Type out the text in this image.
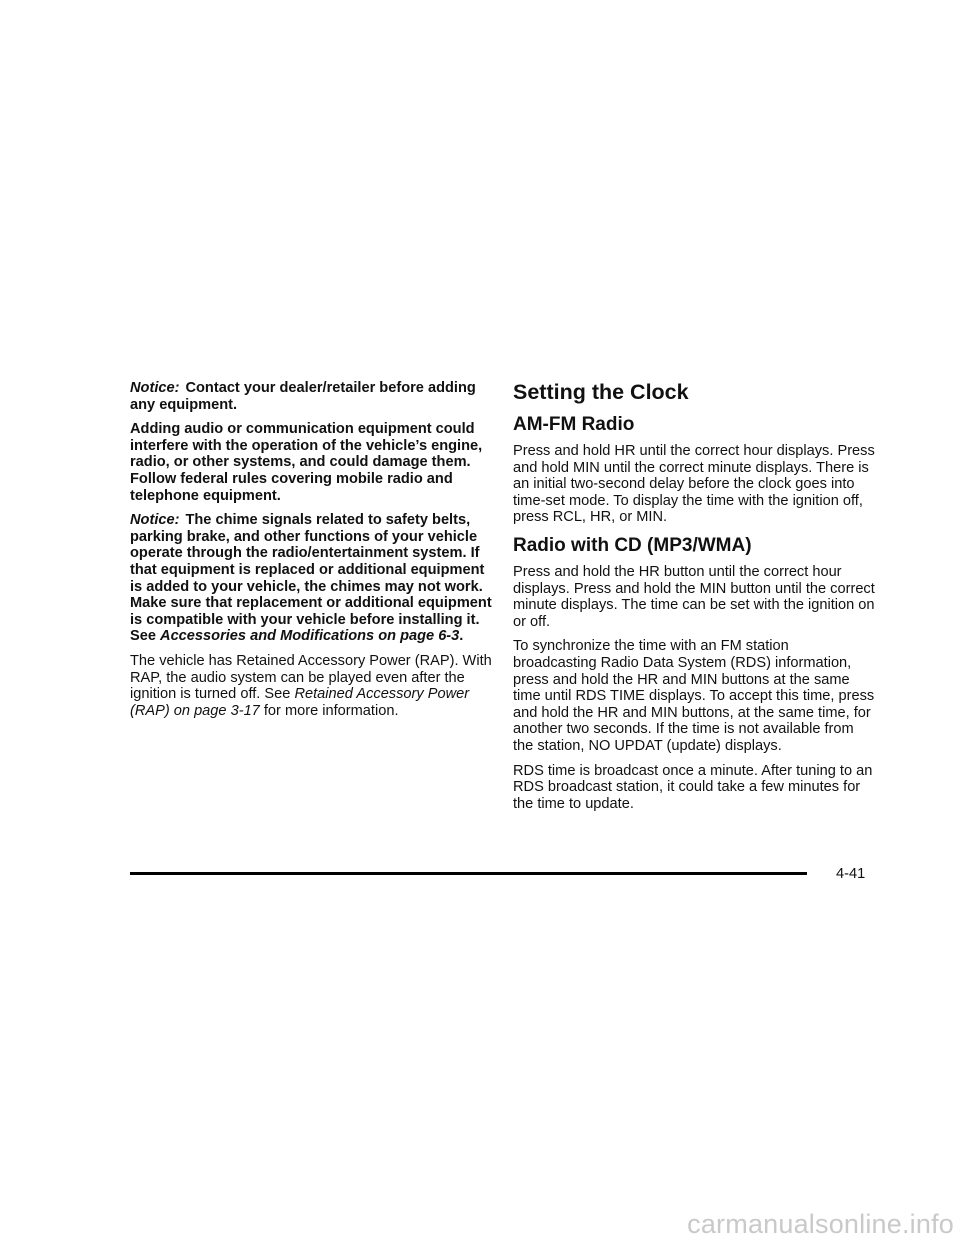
Notice: Contact your dealer/retailer before adding any equipment.

Adding audio or communication equipment could interfere with the operation of the vehicle’s engine, radio, or other systems, and could damage them. Follow federal rules covering mobile radio and telephone equipment.

Notice: The chime signals related to safety belts, parking brake, and other functions of your vehicle operate through the radio/entertainment system. If that equipment is replaced or additional equipment is added to your vehicle, the chimes may not work. Make sure that replacement or additional equipment is compatible with your vehicle before installing it. See Accessories and Modifications on page 6-3.

The vehicle has Retained Accessory Power (RAP). With RAP, the audio system can be played even after the ignition is turned off. See Retained Accessory Power (RAP) on page 3-17 for more information.

Setting the Clock
AM-FM Radio

Press and hold HR until the correct hour displays. Press and hold MIN until the correct minute displays. There is an initial two-second delay before the clock goes into time-set mode. To display the time with the ignition off, press RCL, HR, or MIN.

Radio with CD (MP3/WMA)

Press and hold the HR button until the correct hour displays. Press and hold the MIN button until the correct minute displays. The time can be set with the ignition on or off.

To synchronize the time with an FM station broadcasting Radio Data System (RDS) information, press and hold the HR and MIN buttons at the same time until RDS TIME displays. To accept this time, press and hold the HR and MIN buttons, at the same time, for another two seconds. If the time is not available from the station, NO UPDAT (update) displays.

RDS time is broadcast once a minute. After tuning to an RDS broadcast station, it could take a few minutes for the time to update.

4-41
carmanualsonline.info
